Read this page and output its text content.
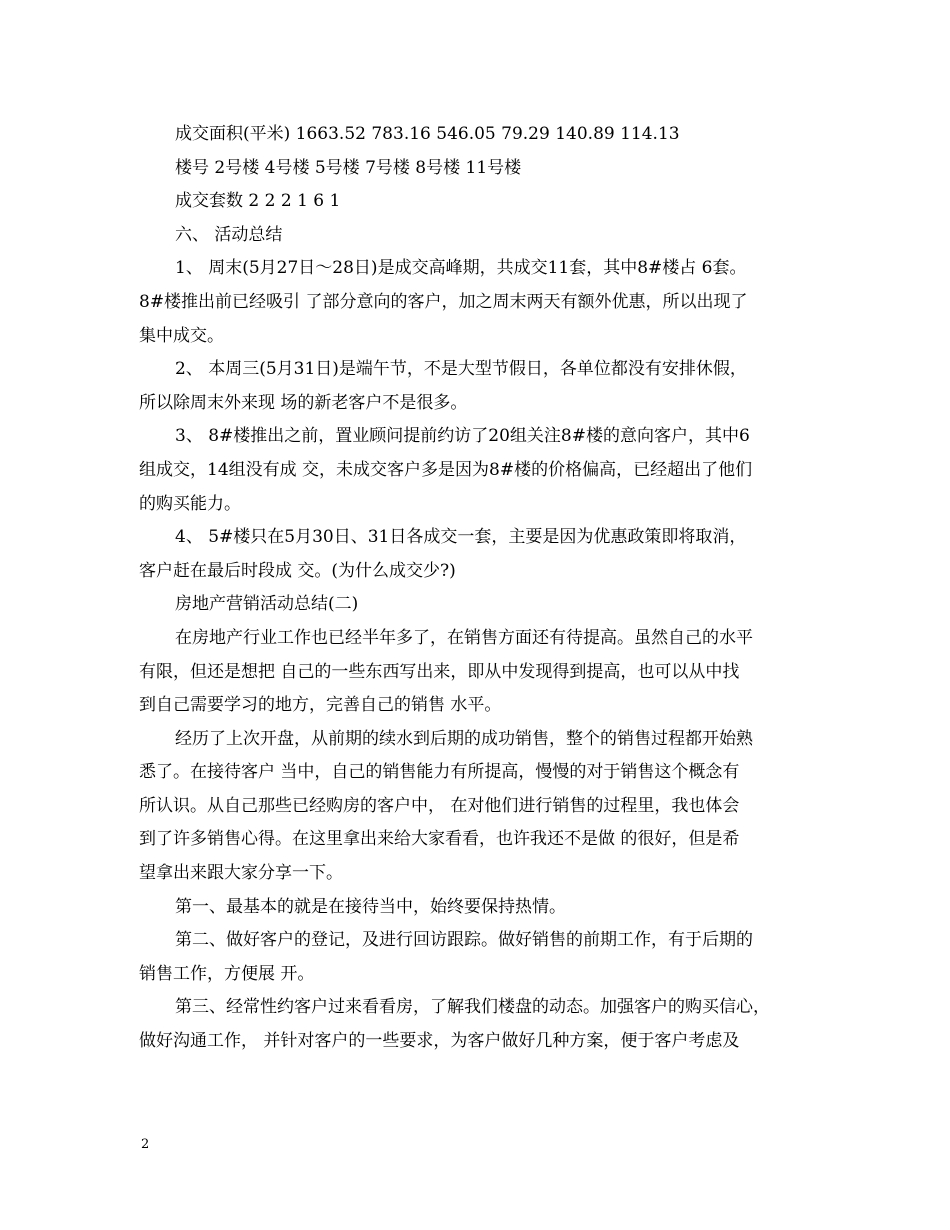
成交面积(平米) 1663.52 783.16 546.05 79.29 140.89 114.13
楼号 2号楼 4号楼 5号楼 7号楼 8号楼 11号楼
成交套数 2 2 2 1 6 1
六、 活动总结
1、 周末(5月27日～28日)是成交高峰期，共成交11套，其中8#楼占 6套。
8#楼推出前已经吸引 了部分意向的客户，加之周末两天有额外优惠，所以出现了
集中成交。
2、 本周三(5月31日)是端午节，不是大型节假日，各单位都没有安排休假，
所以除周末外来现 场的新老客户不是很多。
3、 8#楼推出之前，置业顾问提前约访了20组关注8#楼的意向客户，其中6
组成交，14组没有成 交，未成交客户多是因为8#楼的价格偏高，已经超出了他们
的购买能力。
4、 5#楼只在5月30日、31日各成交一套，主要是因为优惠政策即将取消，
客户赶在最后时段成 交。(为什么成交少?)
房地产营销活动总结(二)
在房地产行业工作也已经半年多了，在销售方面还有待提高。虽然自己的水平
有限，但还是想把 自己的一些东西写出来，即从中发现得到提高，也可以从中找
到自己需要学习的地方，完善自己的销售 水平。
经历了上次开盘，从前期的续水到后期的成功销售，整个的销售过程都开始熟
悉了。在接待客户 当中，自己的销售能力有所提高，慢慢的对于销售这个概念有
所认识。从自己那些已经购房的客户中， 在对他们进行销售的过程里，我也体会
到了许多销售心得。在这里拿出来给大家看看，也许我还不是做 的很好，但是希
望拿出来跟大家分享一下。
第一、最基本的就是在接待当中，始终要保持热情。
第二、做好客户的登记，及进行回访跟踪。做好销售的前期工作，有于后期的
销售工作，方便展 开。
第三、经常性约客户过来看看房，了解我们楼盘的动态。加强客户的购买信心，
做好沟通工作， 并针对客户的一些要求，为客户做好几种方案，便于客户考虑及
2
